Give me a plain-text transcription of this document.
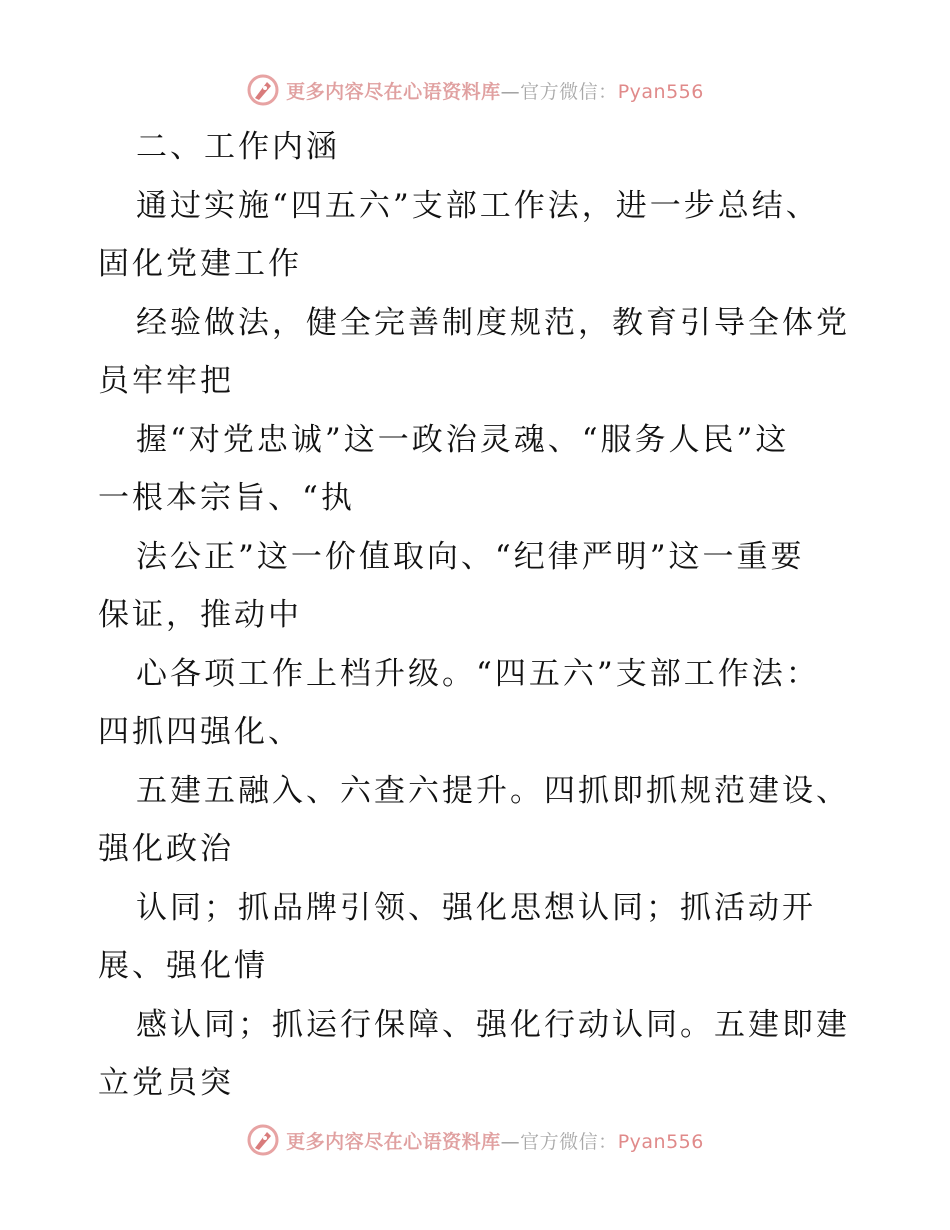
更多内容尽在心语资料库—官方微信：Pyan556
二、工作内涵
通过实施“四五六”支部工作法，进一步总结、
固化党建工作
经验做法，健全完善制度规范，教育引导全体党
员牢牢把
握“对党忠诚”这一政治灵魂、“服务人民”这
一根本宗旨、“执
法公正”这一价值取向、“纪律严明”这一重要
保证，推动中
心各项工作上档升级。“四五六”支部工作法：
四抓四强化、
五建五融入、六查六提升。四抓即抓规范建设、
强化政治
认同；抓品牌引领、强化思想认同；抓活动开
展、强化情
感认同；抓运行保障、强化行动认同。五建即建
立党员突
更多内容尽在心语资料库—官方微信：Pyan556
